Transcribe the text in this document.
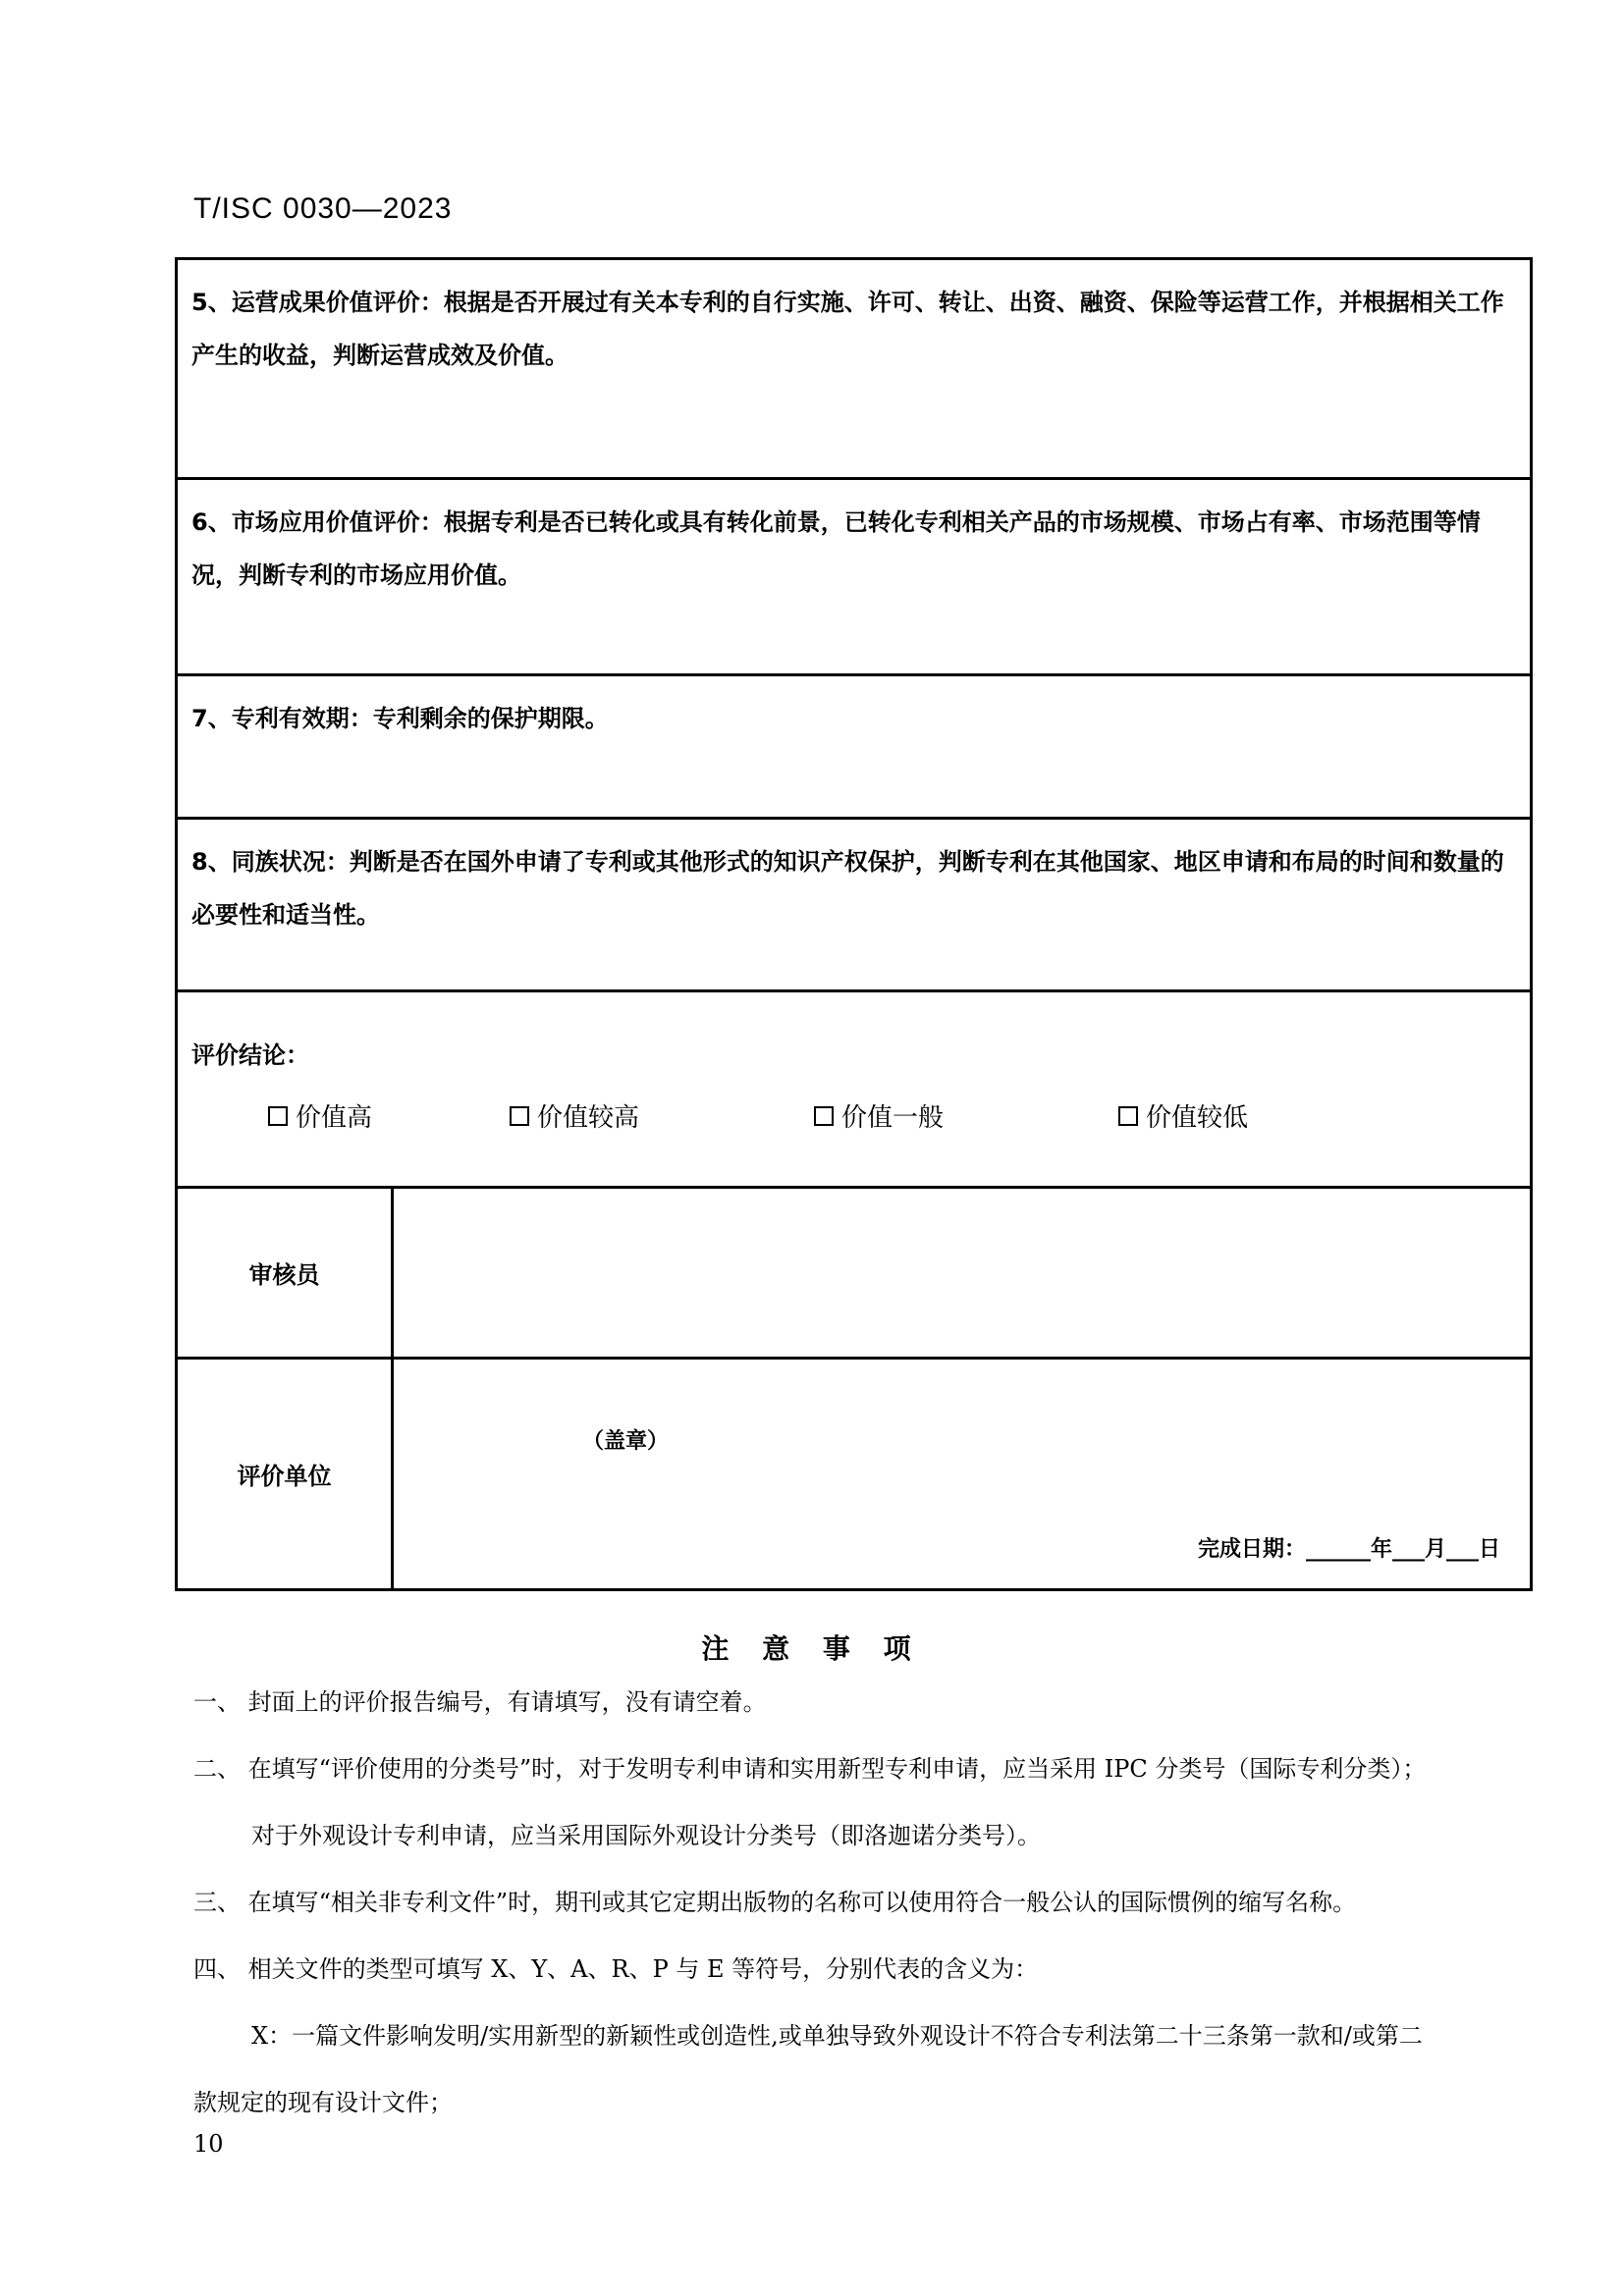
T/ISC 0030—2023

5、运营成果价值评价：根据是否开展过有关本专利的自行实施、许可、转让、出资、融资、保险等运营工作，并根据相关工作产生的收益，判断运营成效及价值。	

6、市场应用价值评价：根据专利是否已转化或具有转化前景，已转化专利相关产品的市场规模、市场占有率、市场范围等情况，判断专利的市场应用价值。	

7、专利有效期：专利剩余的保护期限。	

8、同族状况：判断是否在国外申请了专利或其他形式的知识产权保护，判断专利在其他国家、地区申请和布局的时间和数量的必要性和适当性。	

评价结论：

价值高 价值较高 价值一般 价值较低	

审核员	
评价单位	（盖章）
完成日期：______年___月___日
注 意 事 项
一、 封面上的评价报告编号，有请填写，没有请空着。
二、 在填写“评价使用的分类号”时，对于发明专利申请和实用新型专利申请，应当采用 IPC 分类号（国际专利分类）；
对于外观设计专利申请，应当采用国际外观设计分类号（即洛迦诺分类号）。
三、 在填写“相关非专利文件”时，期刊或其它定期出版物的名称可以使用符合一般公认的国际惯例的缩写名称。
四、 相关文件的类型可填写 X、Y、A、R、P 与 E 等符号，分别代表的含义为：
X：一篇文件影响发明/实用新型的新颖性或创造性,或单独导致外观设计不符合专利法第二十三条第一款和/或第二
款规定的现有设计文件；
10
